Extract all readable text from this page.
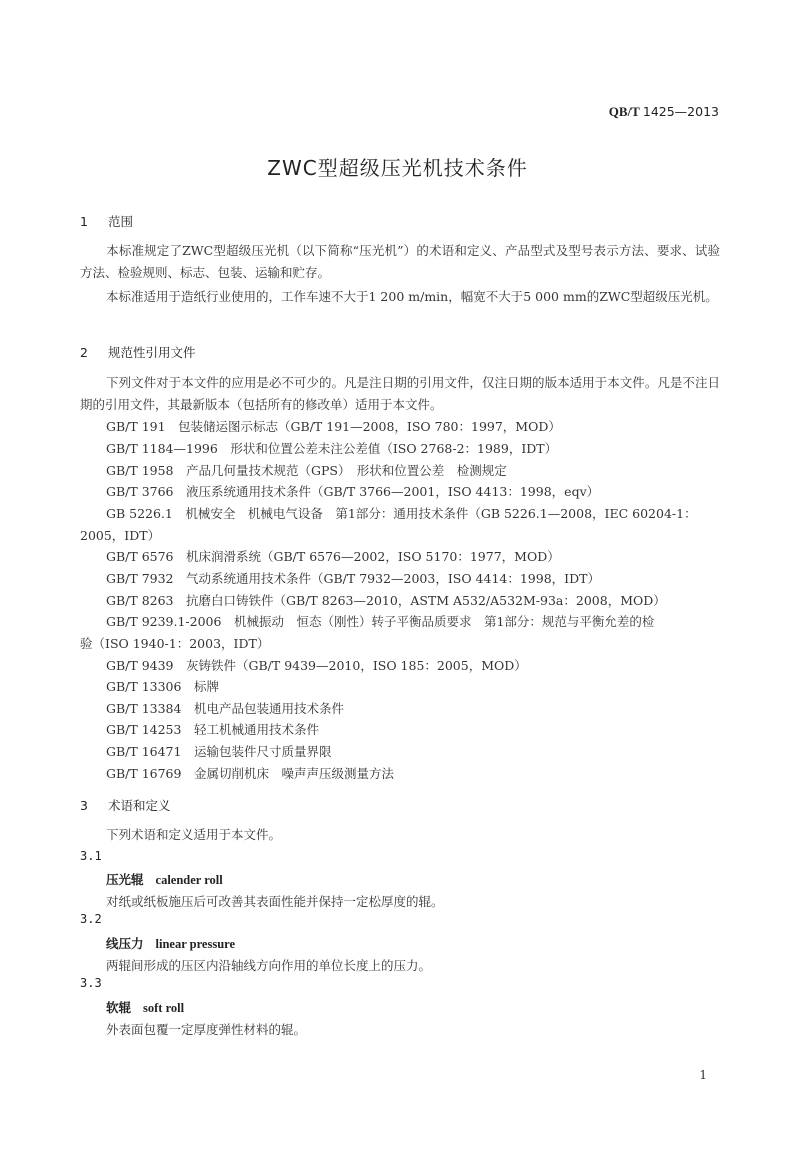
QB/T 1425—2013
ZWC型超级压光机技术条件
1 范围
本标准规定了ZWC型超级压光机（以下简称“压光机”）的术语和定义、产品型式及型号表示方法、要求、试验方法、检验规则、标志、包装、运输和贮存。
本标准适用于造纸行业使用的，工作车速不大于1 200 m/min，幅宽不大于5 000 mm的ZWC型超级压光机。
2 规范性引用文件
下列文件对于本文件的应用是必不可少的。凡是注日期的引用文件，仅注日期的版本适用于本文件。凡是不注日期的引用文件，其最新版本（包括所有的修改单）适用于本文件。
GB/T 191　包装储运图示标志（GB/T 191—2008，ISO 780：1997，MOD）
GB/T 1184—1996　形状和位置公差未注公差值（ISO 2768-2：1989，IDT）
GB/T 1958　产品几何量技术规范（GPS）　形状和位置公差　检测规定
GB/T 3766　液压系统通用技术条件（GB/T 3766—2001，ISO 4413：1998，eqv）
GB 5226.1　机械安全　机械电气设备　第1部分：通用技术条件（GB 5226.1—2008，IEC 60204-1：
2005，IDT）
GB/T 6576　机床润滑系统（GB/T 6576—2002，ISO 5170：1977，MOD）
GB/T 7932　气动系统通用技术条件（GB/T 7932—2003，ISO 4414：1998，IDT）
GB/T 8263　抗磨白口铸铁件（GB/T 8263—2010，ASTM A532/A532M-93a：2008，MOD）
GB/T 9239.1-2006　机械振动　恒态（刚性）转子平衡品质要求　第1部分：规范与平衡允差的检
验（ISO 1940-1：2003，IDT）
GB/T 9439　灰铸铁件（GB/T 9439—2010，ISO 185：2005，MOD）
GB/T 13306　标牌
GB/T 13384　机电产品包装通用技术条件
GB/T 14253　轻工机械通用技术条件
GB/T 16471　运输包装件尺寸质量界限
GB/T 16769　金属切削机床　噪声声压级测量方法
3 术语和定义
下列术语和定义适用于本文件。
3.1
压光辊 calender roll
对纸或纸板施压后可改善其表面性能并保持一定松厚度的辊。
3.2
线压力 linear pressure
两辊间形成的压区内沿轴线方向作用的单位长度上的压力。
3.3
软辊 soft roll
外表面包覆一定厚度弹性材料的辊。
1
